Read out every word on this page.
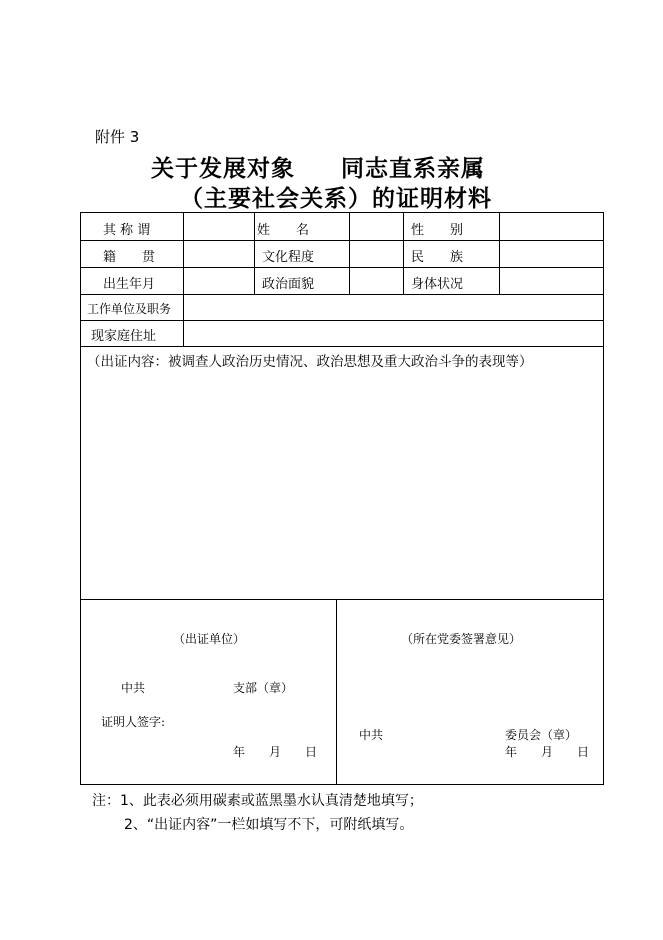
附件 3
关于发展对象 同志直系亲属
（主要社会关系）的证明材料
其 称 谓	姓　　名	性　　别
籍　　贯	文化程度	民　　族
出生年月	政治面貌	身体状况
工作单位及职务
现家庭住址
（出证内容：被调查人政治历史情况、政治思想及重大政治斗争的表现等）
（出证单位）
中共	支部（章）
证明人签字:
年　　月　　日
（所在党委签署意见）
中共	委员会（章）
年　　月　　日
注：1、此表必须用碳素或蓝黑墨水认真清楚地填写；
2、“出证内容”一栏如填写不下，可附纸填写。
